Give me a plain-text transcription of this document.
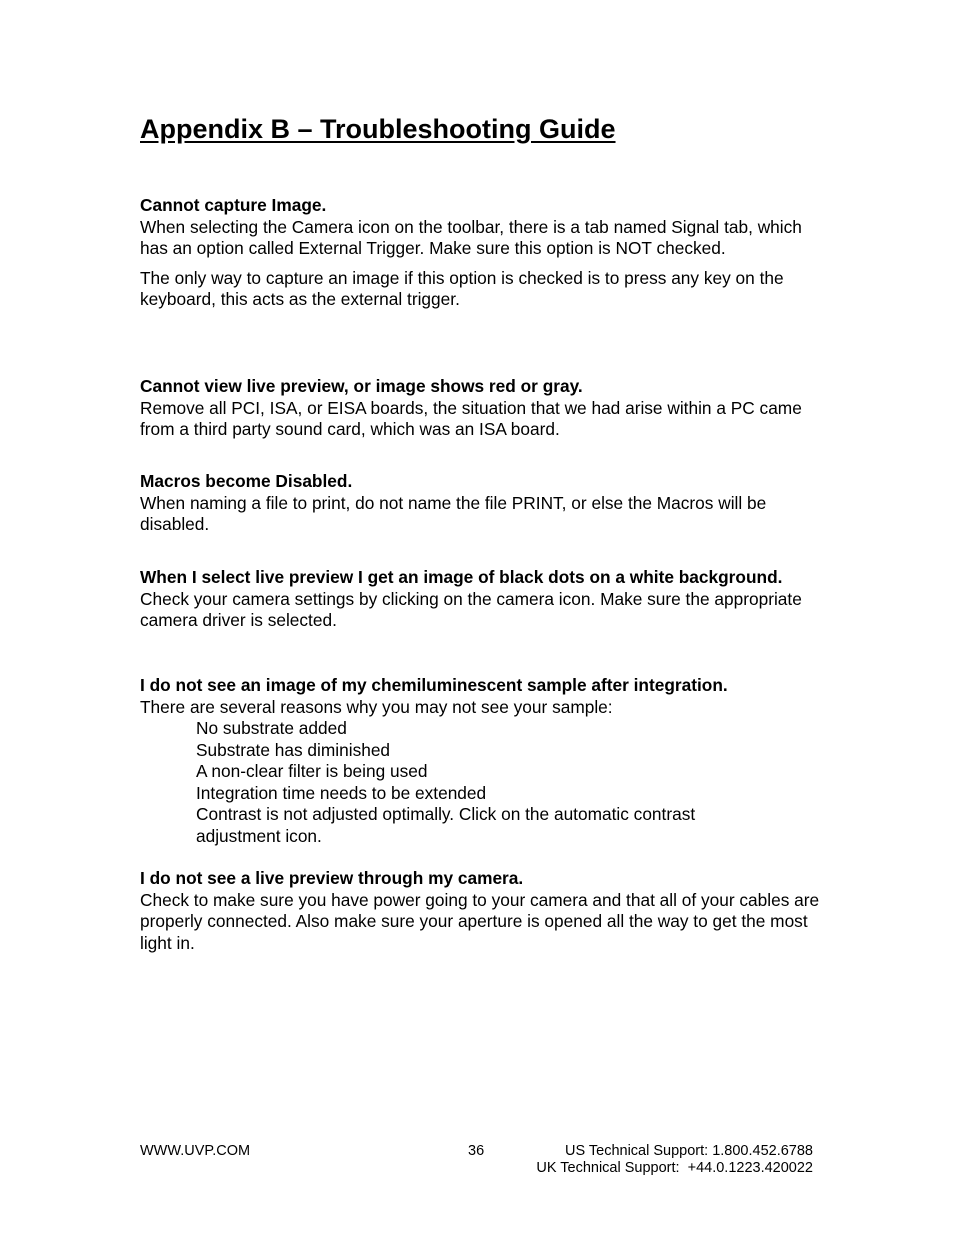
Appendix B – Troubleshooting Guide

Cannot capture Image.

When selecting the Camera icon on the toolbar, there is a tab named Signal tab, which has an option called External Trigger. Make sure this option is NOT checked.

The only way to capture an image if this option is checked is to press any key on the keyboard, this acts as the external trigger.

Cannot view live preview, or image shows red or gray.

Remove all PCI, ISA, or EISA boards, the situation that we had arise within a PC came from a third party sound card, which was an ISA board.

Macros become Disabled.

When naming a file to print, do not name the file PRINT, or else the Macros will be disabled.

When I select live preview I get an image of black dots on a white background.

Check your camera settings by clicking on the camera icon. Make sure the appropriate camera driver is selected.

I do not see an image of my chemiluminescent sample after integration.

There are several reasons why you may not see your sample:

No substrate added

Substrate has diminished

A non-clear filter is being used

Integration time needs to be extended

Contrast is not adjusted optimally. Click on the automatic contrast adjustment icon.

I do not see a live preview through my camera.

Check to make sure you have power going to your camera and that all of your cables are properly connected. Also make sure your aperture is opened all the way to get the most light in.

WWW.UVP.COM	36	US Technical Support: 1.800.452.6788
UK Technical Support:  +44.0.1223.420022
